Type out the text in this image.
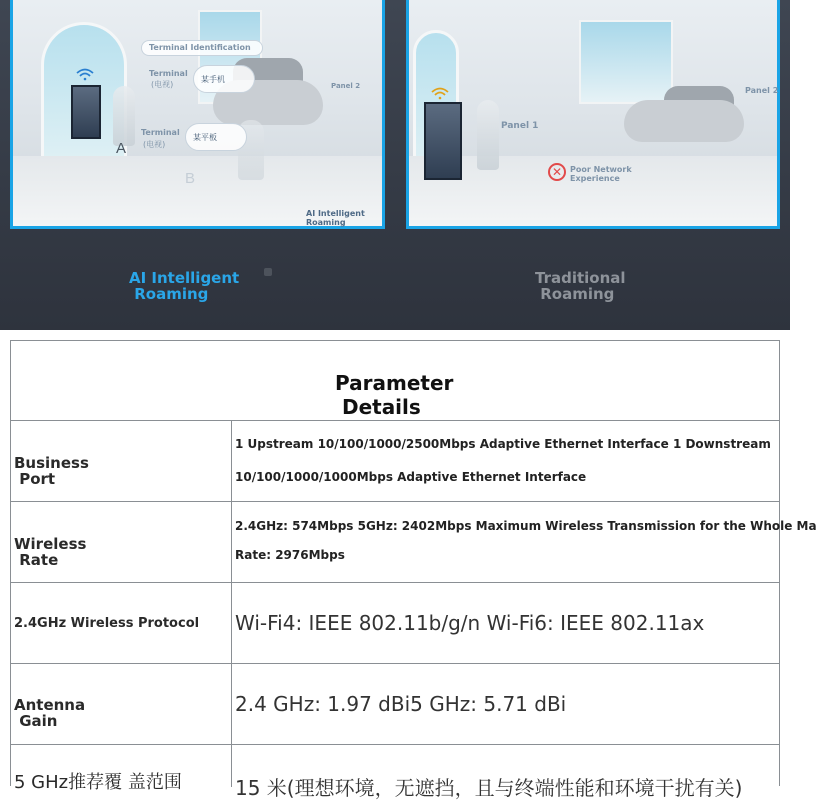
Terminal Identification
Terminal
(电视)
某手机
Terminal
(电视)
某平板
Panel 2
A
B
AI Intelligent
Roaming
Panel 1
Panel 2
✕ Poor Network
Experience
AI Intelligent
Roaming
Traditional
Roaming
Parameter
Details
Business
Port
1 Upstream 10/100/1000/2500Mbps Adaptive Ethernet Interface 1 Downstream
10/100/1000/1000Mbps Adaptive Ethernet Interface
Wireless
Rate
2.4GHz: 574Mbps 5GHz: 2402Mbps Maximum Wireless Transmission for the Whole Ma
Rate: 2976Mbps
2.4GHz Wireless Protocol Wi-Fi4: IEEE 802.11b/g/n Wi-Fi6: IEEE 802.11ax
Antenna
Gain
2.4 GHz: 1.97 dBi5 GHz: 5.71 dBi
5 GHz推荐覆 盖范围	15 米(理想环境，无遮挡，且与终端性能和环境干扰有关)
